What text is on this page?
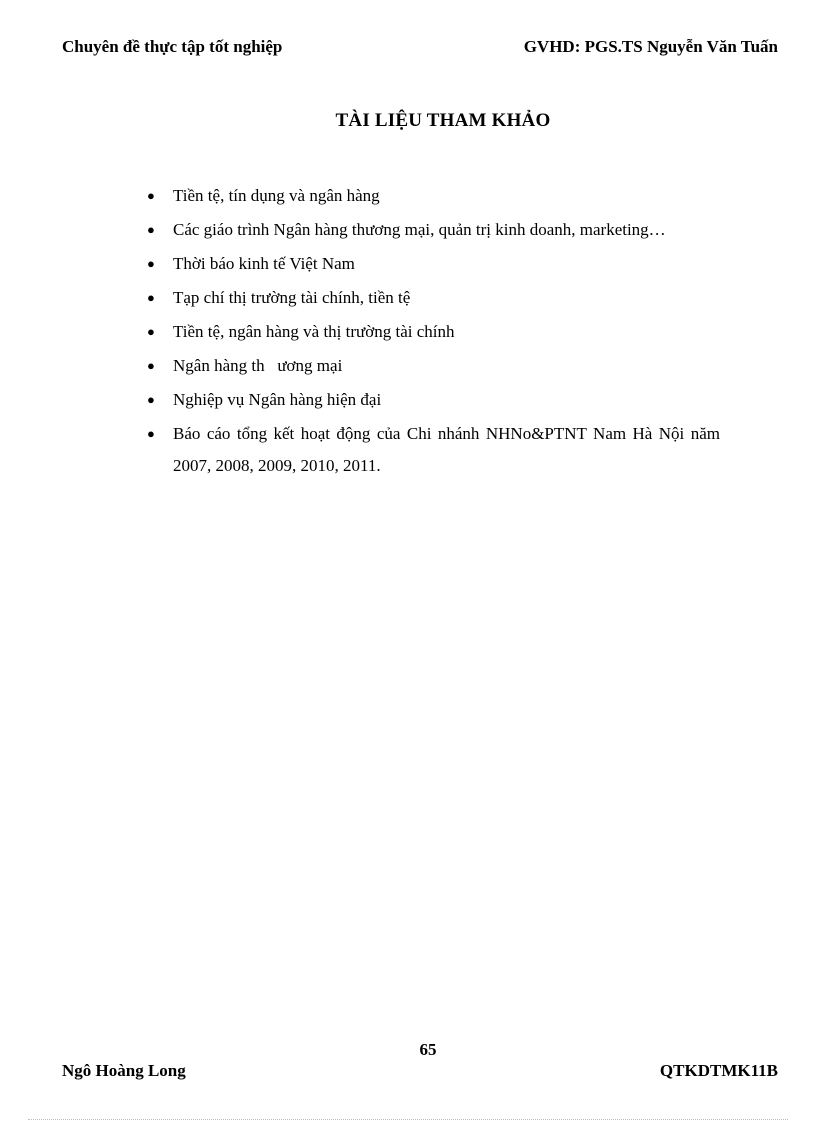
Chuyên đề thực tập tốt nghiệp	GVHD: PGS.TS Nguyễn Văn Tuấn
TÀI LIỆU THAM KHẢO
● Tiền tệ, tín dụng và ngân hàng
● Các giáo trình Ngân hàng thương mại, quản trị kinh doanh, marketing…
● Thời báo kinh tế Việt Nam
● Tạp chí thị trường tài chính, tiền tệ
● Tiền tệ, ngân hàng và thị trường tài chính
● Ngân hàng th   ương mại
● Nghiệp vụ Ngân hàng hiện đại
● Báo cáo tổng kết hoạt động của Chi nhánh NHNo&PTNT Nam Hà Nội năm 2007, 2008, 2009, 2010, 2011.
65
Ngô Hoàng Long	QTKDTMK11B
